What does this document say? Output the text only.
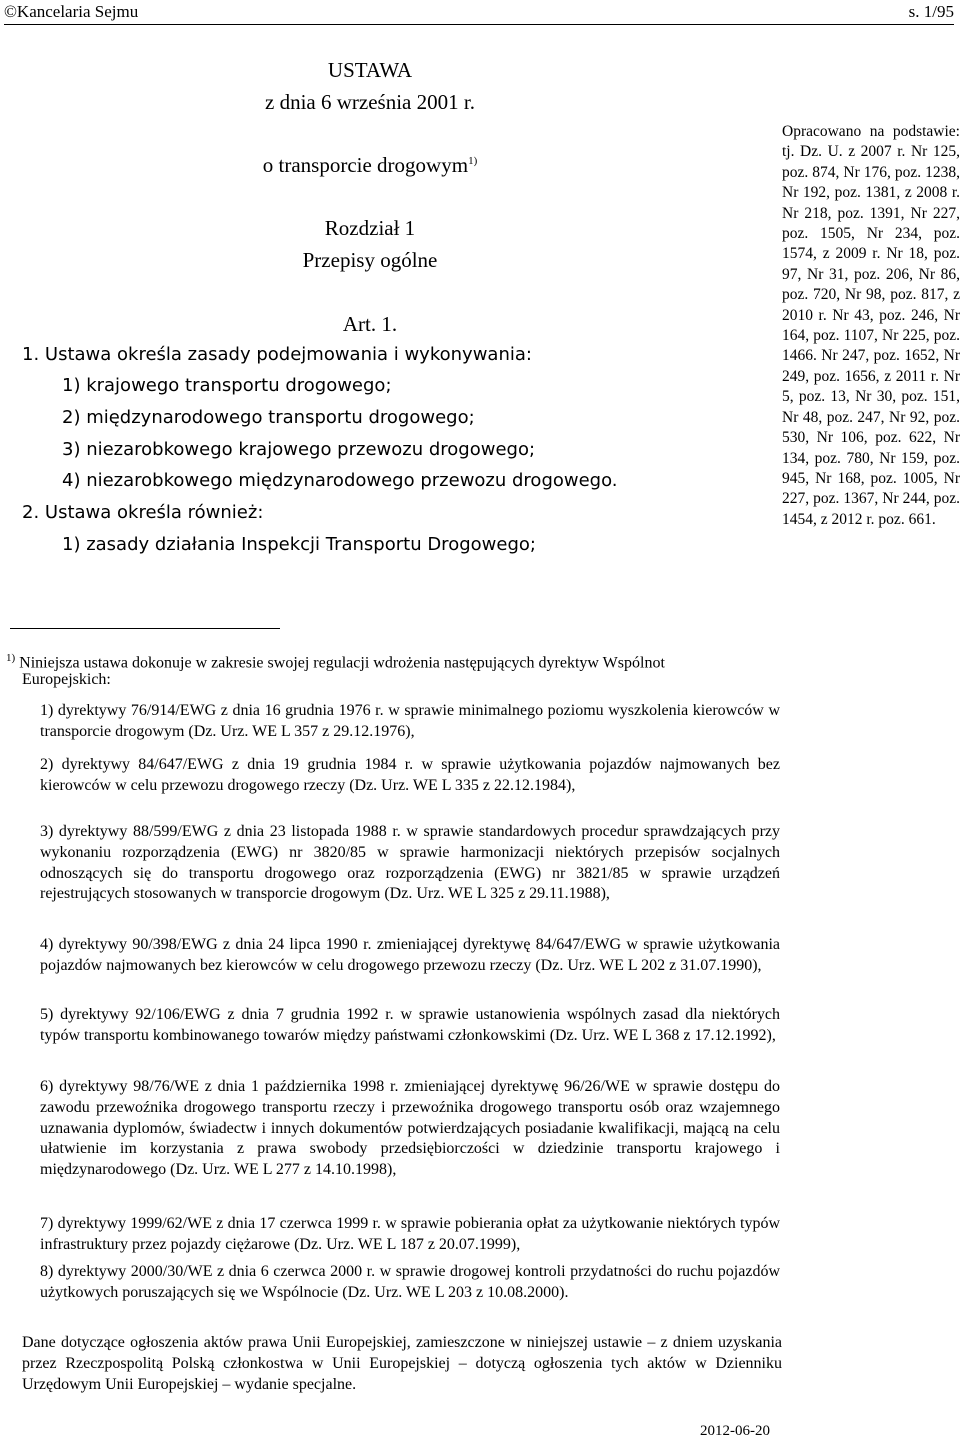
©Kancelaria Sejmu	s. 1/95
USTAWA
z dnia 6 września 2001 r.
o transporcie drogowym$^{1)}$
Rozdział 1
Przepisy ogólne
Art. 1.
1. Ustawa określa zasady podejmowania i wykonywania:
1) krajowego transportu drogowego;
2) międzynarodowego transportu drogowego;
3) niezarobkowego krajowego przewozu drogowego;
4) niezarobkowego międzynarodowego przewozu drogowego.
2. Ustawa określa również:
1) zasady działania Inspekcji Transportu Drogowego;
Opracowano na podstawie: tj. Dz. U. z 2007 r. Nr 125, poz. 874, Nr 176, poz. 1238, Nr 192, poz. 1381, z 2008 r. Nr 218, poz. 1391, Nr 227, poz. 1505, Nr 234, poz. 1574, z 2009 r. Nr 18, poz. 97, Nr 31, poz. 206, Nr 86, poz. 720, Nr 98, poz. 817, z 2010 r. Nr 43, poz. 246, Nr 164, poz. 1107, Nr 225, poz. 1466. Nr 247, poz. 1652, Nr 249, poz. 1656, z 2011 r. Nr 5, poz. 13, Nr 30, poz. 151, Nr 48, poz. 247, Nr 92, poz. 530, Nr 106, poz. 622, Nr 134, poz. 780, Nr 159, poz. 945, Nr 168, poz. 1005, Nr 227, poz. 1367, Nr 244, poz. 1454, z 2012 r. poz. 661.
$^{1)}$ Niniejsza ustawa dokonuje w zakresie swojej regulacji wdrożenia następujących dyrektyw Wspólnot
Europejskich:
1) dyrektywy 76/914/EWG z dnia 16 grudnia 1976 r. w sprawie minimalnego poziomu wyszkolenia kierowców w transporcie drogowym (Dz. Urz. WE L 357 z 29.12.1976),
2) dyrektywy 84/647/EWG z dnia 19 grudnia 1984 r. w sprawie użytkowania pojazdów najmowanych bez kierowców w celu przewozu drogowego rzeczy (Dz. Urz. WE L 335 z 22.12.1984),
3) dyrektywy 88/599/EWG z dnia 23 listopada 1988 r. w sprawie standardowych procedur sprawdzających przy wykonaniu rozporządzenia (EWG) nr 3820/85 w sprawie harmonizacji niektórych przepisów socjalnych odnoszących się do transportu drogowego oraz rozporządzenia (EWG) nr 3821/85 w sprawie urządzeń rejestrujących stosowanych w transporcie drogowym (Dz. Urz. WE L 325 z 29.11.1988),
4) dyrektywy 90/398/EWG z dnia 24 lipca 1990 r. zmieniającej dyrektywę 84/647/EWG w sprawie użytkowania pojazdów najmowanych bez kierowców w celu drogowego przewozu rzeczy (Dz. Urz. WE L 202 z 31.07.1990),
5) dyrektywy 92/106/EWG z dnia 7 grudnia 1992 r. w sprawie ustanowienia wspólnych zasad dla niektórych typów transportu kombinowanego towarów między państwami członkowskimi (Dz. Urz. WE L 368 z 17.12.1992),
6) dyrektywy 98/76/WE z dnia 1 października 1998 r. zmieniającej dyrektywę 96/26/WE w sprawie dostępu do zawodu przewoźnika drogowego transportu rzeczy i przewoźnika drogowego transportu osób oraz wzajemnego uznawania dyplomów, świadectw i innych dokumentów potwierdzających posiadanie kwalifikacji, mającą na celu ułatwienie im korzystania z prawa swobody przedsiębiorczości w dziedzinie transportu krajowego i międzynarodowego (Dz. Urz. WE L 277 z 14.10.1998),
7) dyrektywy 1999/62/WE z dnia 17 czerwca 1999 r. w sprawie pobierania opłat za użytkowanie niektórych typów infrastruktury przez pojazdy ciężarowe (Dz. Urz. WE L 187 z 20.07.1999),
8) dyrektywy 2000/30/WE z dnia 6 czerwca 2000 r. w sprawie drogowej kontroli przydatności do ruchu pojazdów użytkowych poruszających się we Wspólnocie (Dz. Urz. WE L 203 z 10.08.2000).
Dane dotyczące ogłoszenia aktów prawa Unii Europejskiej, zamieszczone w niniejszej ustawie – z dniem uzyskania przez Rzeczpospolitą Polską członkostwa w Unii Europejskiej – dotyczą ogłoszenia tych aktów w Dzienniku Urzędowym Unii Europejskiej – wydanie specjalne.
2012-06-20
